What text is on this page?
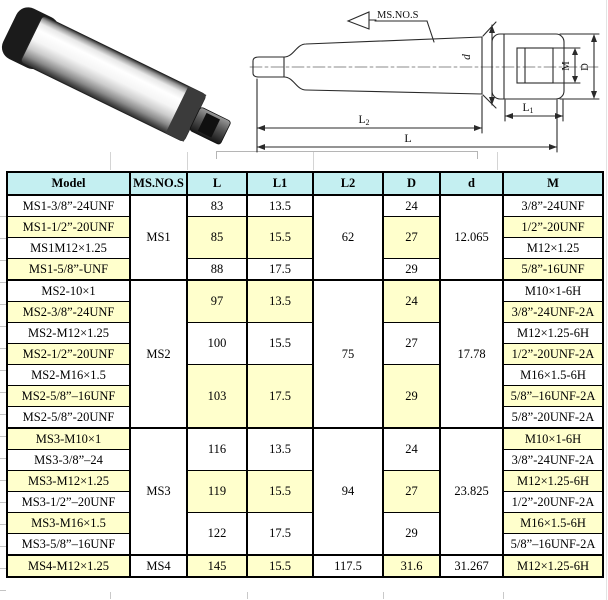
MS.NO.S
d
M D
L1
L2
L
Model	MS.NO.S	L	L1	L2	D	d	M
MS1-3/8”-24UNF	MS1	83	13.5	62	24	12.065	3/8”-24UNF
MS1-1/2”-20UNF		85	15.5		27		1/2”-20UNF
MS1M12×1.25							M12×1.25
MS1-5/8”-UNF		88	17.5		29		5/8”-16UNF
MS2-10×1	MS2	97	13.5	75	24	17.78	M10×1-6H
MS2-3/8”-24UNF							3/8”-24UNF-2A
MS2-M12×1.25		100	15.5		27		M12×1.25-6H
MS2-1/2”-20UNF							1/2”-20UNF-2A
MS2-M16×1.5		103	17.5		29		M16×1.5-6H
MS2-5/8”–16UNF							5/8”–16UNF-2A
MS2-5/8”-20UNF							5/8”-20UNF-2A
MS3-M10×1	MS3	116	13.5	94	24	23.825	M10×1-6H
MS3-3/8”–24							3/8”-24UNF-2A
MS3-M12×1.25		119	15.5		27		M12×1.25-6H
MS3-1/2”–20UNF							1/2”-20UNF-2A
MS3-M16×1.5		122	17.5		29		M16×1.5-6H
MS3-5/8”–16UNF							5/8”–16UNF-2A
MS4-M12×1.25	MS4	145	15.5	117.5	31.6	31.267	M12×1.25-6H
